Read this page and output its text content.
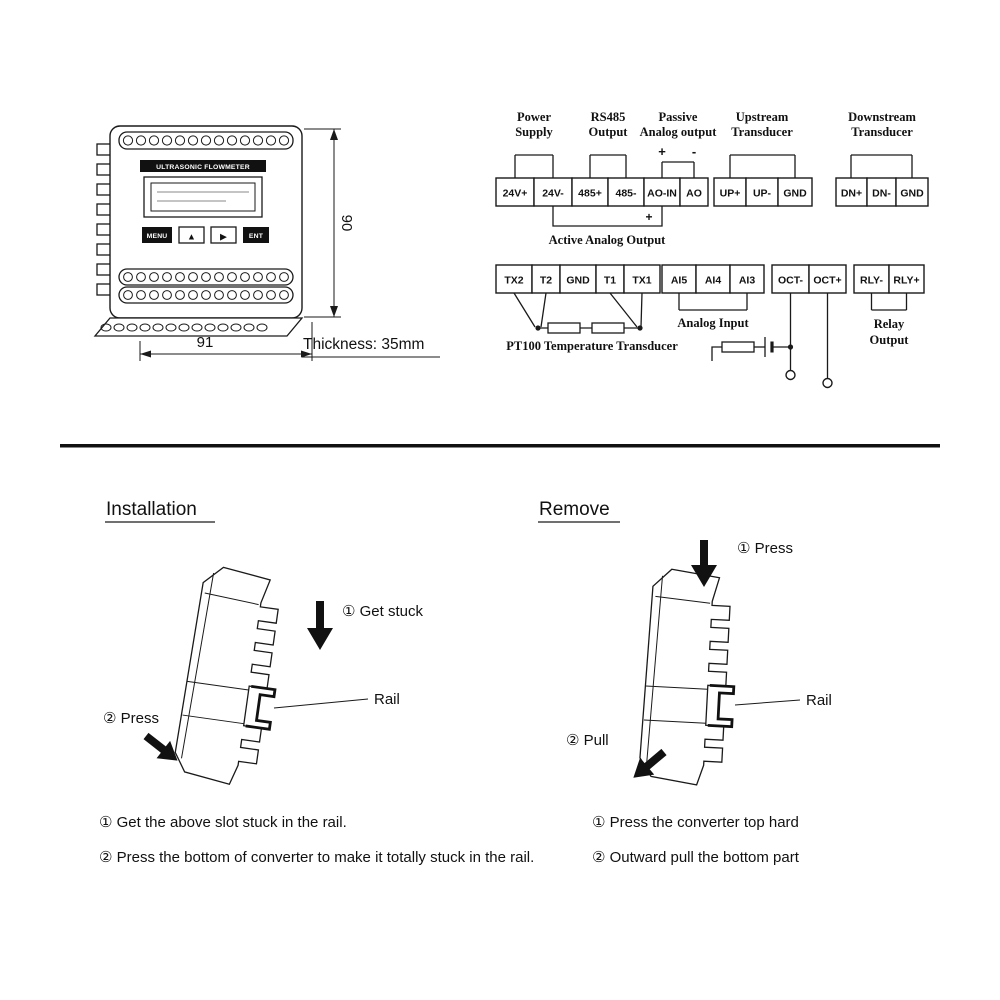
ULTRASONIC FLOWMETER
MENU ▲	▶	ENT
90
91	Thickness: 35mm
Power
Supply
RS485
Output
Passive
Analog output
+ -
Upstream
Transducer
Downstream
Transducer
24V+ 24V- 485+ 485- AO-IN AO UP+ UP- GND	DN+ DN- GND
+
Active Analog Output
TX2 T2 GND T1 TX1 AI5 AI4 AI3 OCT- OCT+ RLY- RLY+
PT100 Temperature Transducer
Analog Input	Relay
Output
Installation
① Get stuck
Rail
② Press
Remove
① Press
Rail
② Pull
① Get the above slot stuck in the rail.
② Press the bottom of converter to make it totally stuck in the rail.
① Press the converter top hard
② Outward pull the bottom part
